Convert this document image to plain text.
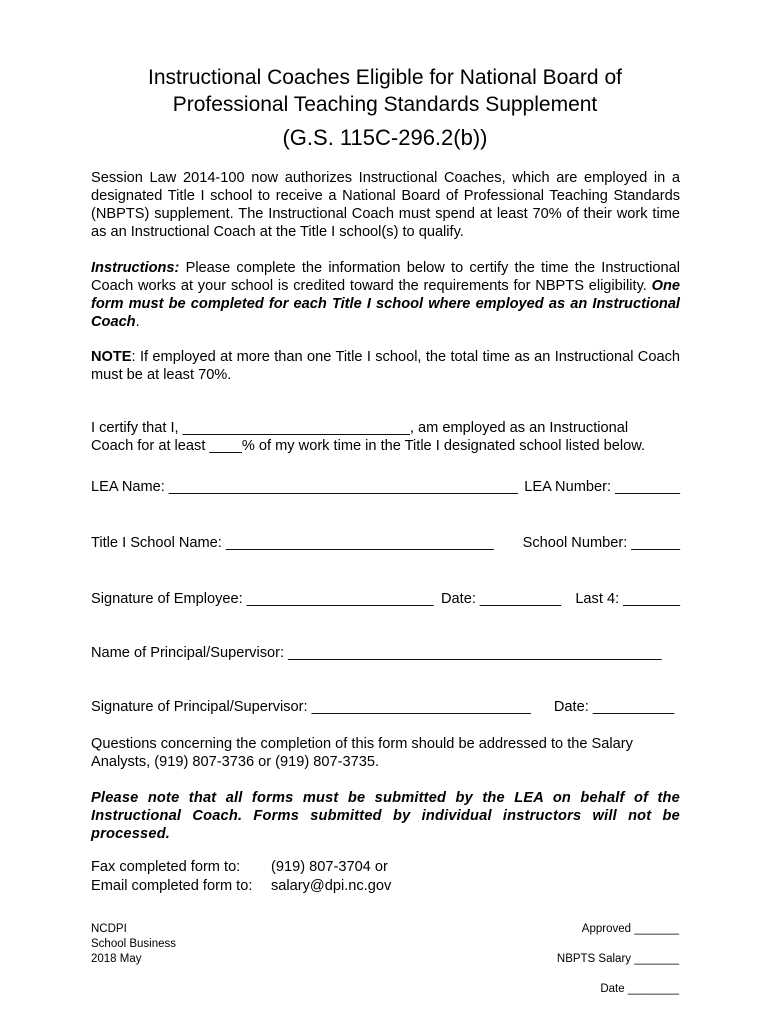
Instructional Coaches Eligible for National Board of
Professional Teaching Standards Supplement
(G.S. 115C-296.2(b))
Session Law 2014-100 now authorizes Instructional Coaches, which are employed in a designated Title I school to receive a National Board of Professional Teaching Standards (NBPTS) supplement. The Instructional Coach must spend at least 70% of their work time as an Instructional Coach at the Title I school(s) to qualify.
Instructions: Please complete the information below to certify the time the Instructional Coach works at your school is credited toward the requirements for NBPTS eligibility. One form must be completed for each Title I school where employed as an Instructional Coach.
NOTE: If employed at more than one Title I school, the total time as an Instructional Coach must be at least 70%.
I certify that I, ____________________________, am employed as an Instructional
Coach for at least ____% of my work time in the Title I designated school listed below.
LEA Name: ___________________________________________ LEA Number: ________
Title I School Name: _________________________________ School Number: ______
Signature of Employee: _______________________ Date: __________ Last 4: _______
Name of Principal/Supervisor: ______________________________________________
Signature of Principal/Supervisor: ___________________________ Date: __________
Questions concerning the completion of this form should be addressed to the Salary Analysts, (919) 807-3736 or (919) 807-3735.
Please note that all forms must be submitted by the LEA on behalf of the Instructional Coach. Forms submitted by individual instructors will not be processed.
Fax completed form to: (919) 807-3704 or
Email completed form to: salary@dpi.nc.gov
NCDPI
School Business
2018 May
Approved _______
NBPTS Salary _______
Date ________
